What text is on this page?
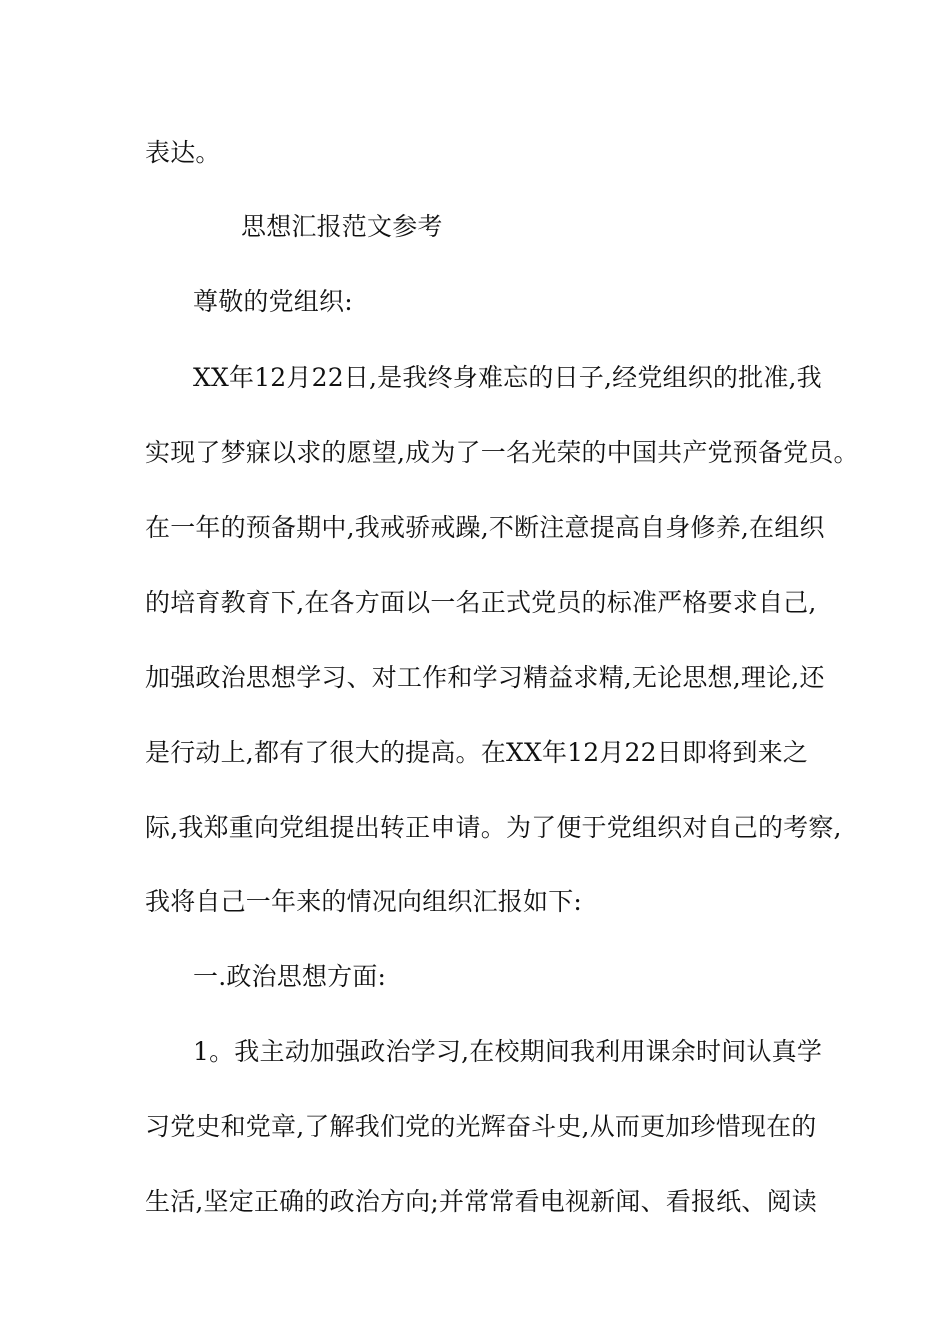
表达。
思想汇报范文参考
尊敬的党组织:
XX年12月22日,是我终身难忘的日子,经党组织的批准,我
实现了梦寐以求的愿望,成为了一名光荣的中国共产党预备党员。
在一年的预备期中,我戒骄戒躁,不断注意提高自身修养,在组织
的培育教育下,在各方面以一名正式党员的标准严格要求自己,
加强政治思想学习、对工作和学习精益求精,无论思想,理论,还
是行动上,都有了很大的提高。在XX年12月22日即将到来之
际,我郑重向党组提出转正申请。为了便于党组织对自己的考察,
我将自己一年来的情况向组织汇报如下:
一.政治思想方面:
1。我主动加强政治学习,在校期间我利用课余时间认真学
习党史和党章,了解我们党的光辉奋斗史,从而更加珍惜现在的
生活,坚定正确的政治方向;并常常看电视新闻、看报纸、阅读
